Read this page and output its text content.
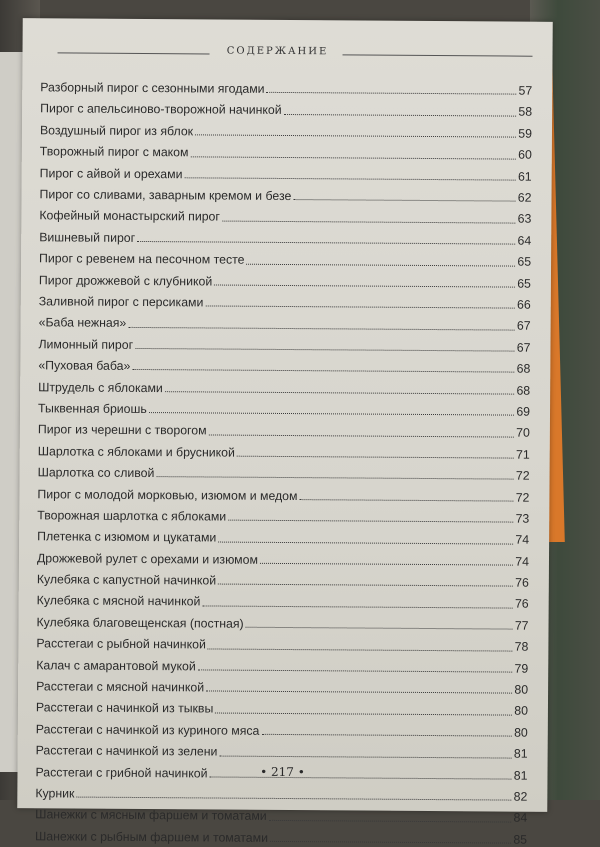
СОДЕРЖАНИЕ
Разборный пирог с сезонными ягодами	57
Пирог с апельсиново-творожной начинкой	58
Воздушный пирог из яблок	59
Творожный пирог с маком	60
Пирог с айвой и орехами	61
Пирог со сливами, заварным кремом и безе	62
Кофейный монастырский пирог	63
Вишневый пирог	64
Пирог с ревенем на песочном тесте	65
Пирог дрожжевой с клубникой	65
Заливной пирог с персиками	66
«Баба нежная»	67
Лимонный пирог	67
«Пуховая баба»	68
Штрудель с яблоками	68
Тыквенная бриошь	69
Пирог из черешни с творогом	70
Шарлотка с яблоками и брусникой	71
Шарлотка со сливой	72
Пирог с молодой морковью, изюмом и медом	72
Творожная шарлотка с яблоками	73
Плетенка с изюмом и цукатами	74
Дрожжевой рулет с орехами и изюмом	74
Кулебяка с капустной начинкой	76
Кулебяка с мясной начинкой	76
Кулебяка благовещенская (постная)	77
Расстегаи с рыбной начинкой	78
Калач с амарантовой мукой	79
Расстегаи с мясной начинкой	80
Расстегаи с начинкой из тыквы	80
Расстегаи с начинкой из куриного мяса	80
Расстегаи с начинкой из зелени	81
Расстегаи с грибной начинкой	81
Курник	82
Шанежки с мясным фаршем и томатами	84
Шанежки с рыбным фаршем и томатами	85
• 217 •
